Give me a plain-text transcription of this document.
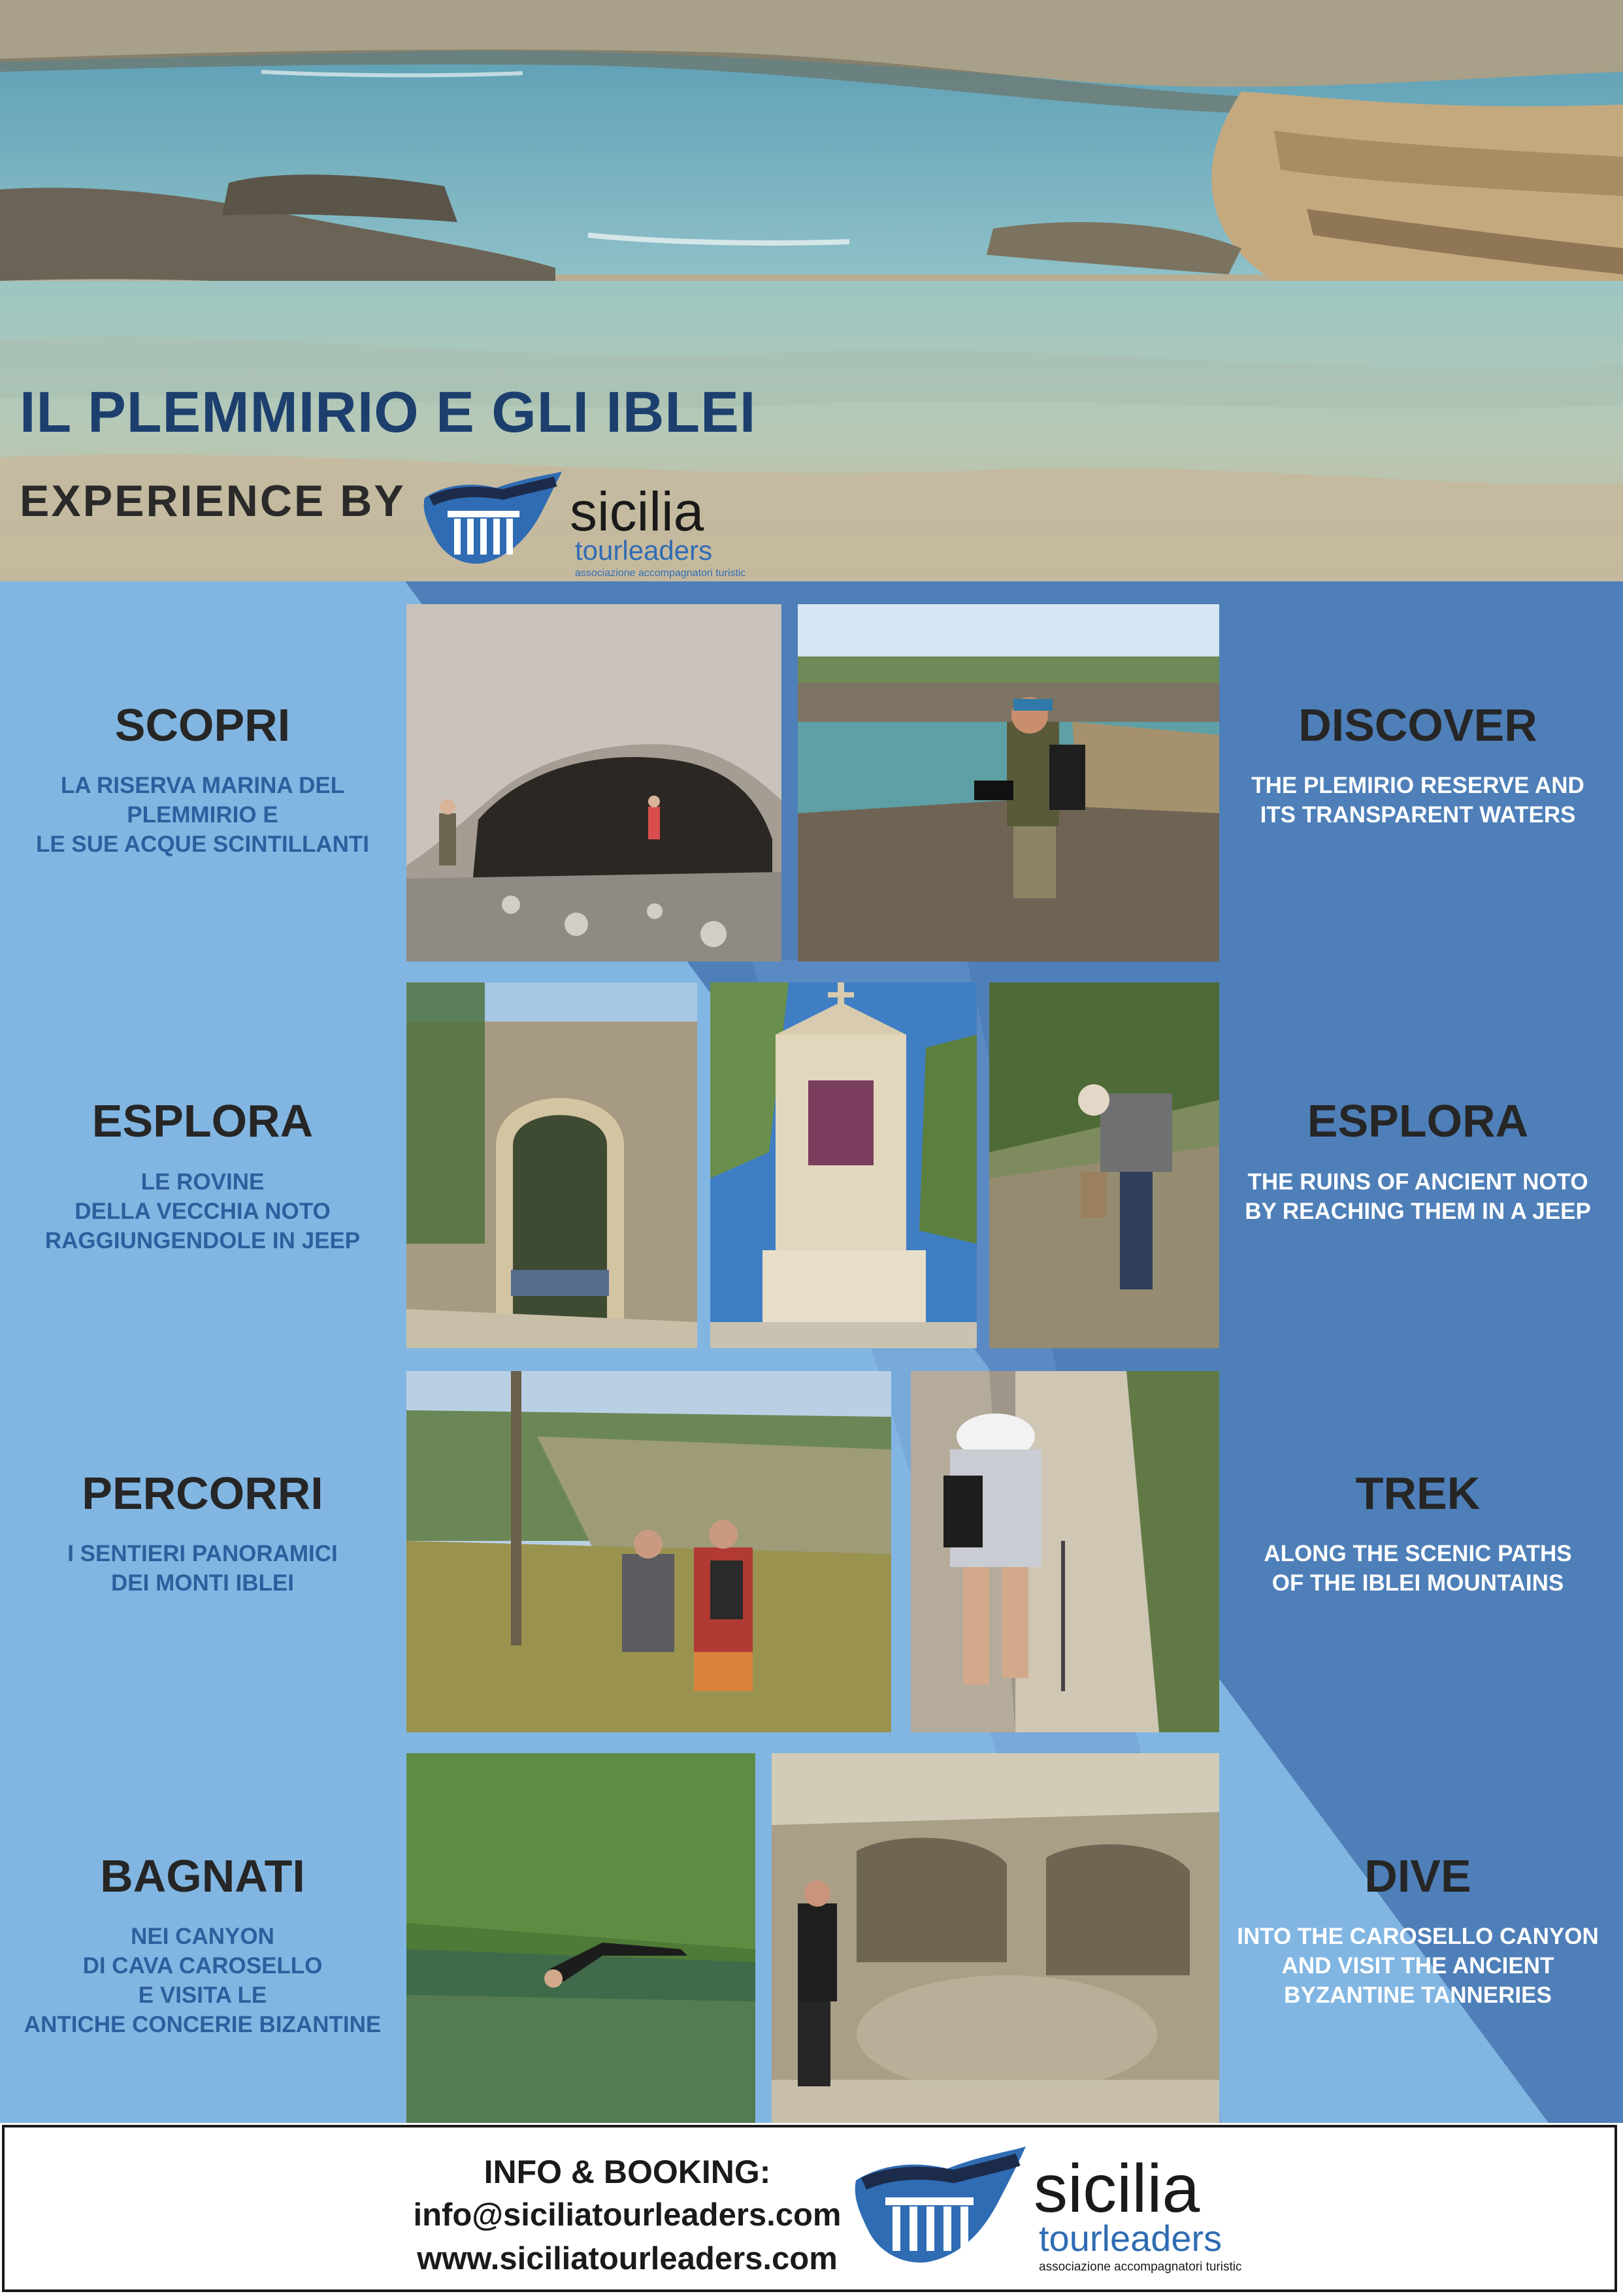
IL PLEMMIRIO E GLI IBLEI
EXPERIENCE BY	sicilia
tourleaders
associazione accompagnatori turistici
SCOPRI
LA RISERVA MARINA DEL
PLEMMIRIO E
LE SUE ACQUE SCINTILLANTI
DISCOVER
THE PLEMIRIO RESERVE AND
ITS TRANSPARENT WATERS
ESPLORA
LE ROVINE
DELLA VECCHIA NOTO
RAGGIUNGENDOLE IN JEEP
ESPLORA
THE RUINS OF ANCIENT NOTO
BY REACHING THEM IN A JEEP
PERCORRI
I SENTIERI PANORAMICI
DEI MONTI IBLEI
TREK
ALONG THE SCENIC PATHS
OF THE IBLEI MOUNTAINS
BAGNATI
NEI CANYON
DI CAVA CAROSELLO
E VISITA LE
ANTICHE CONCERIE BIZANTINE
DIVE
INTO THE CAROSELLO CANYON
AND VISIT THE ANCIENT
BYZANTINE TANNERIES
INFO & BOOKING:
info@siciliatourleaders.com
www.siciliatourleaders.com
sicilia
tourleaders
associazione accompagnatori turistici
